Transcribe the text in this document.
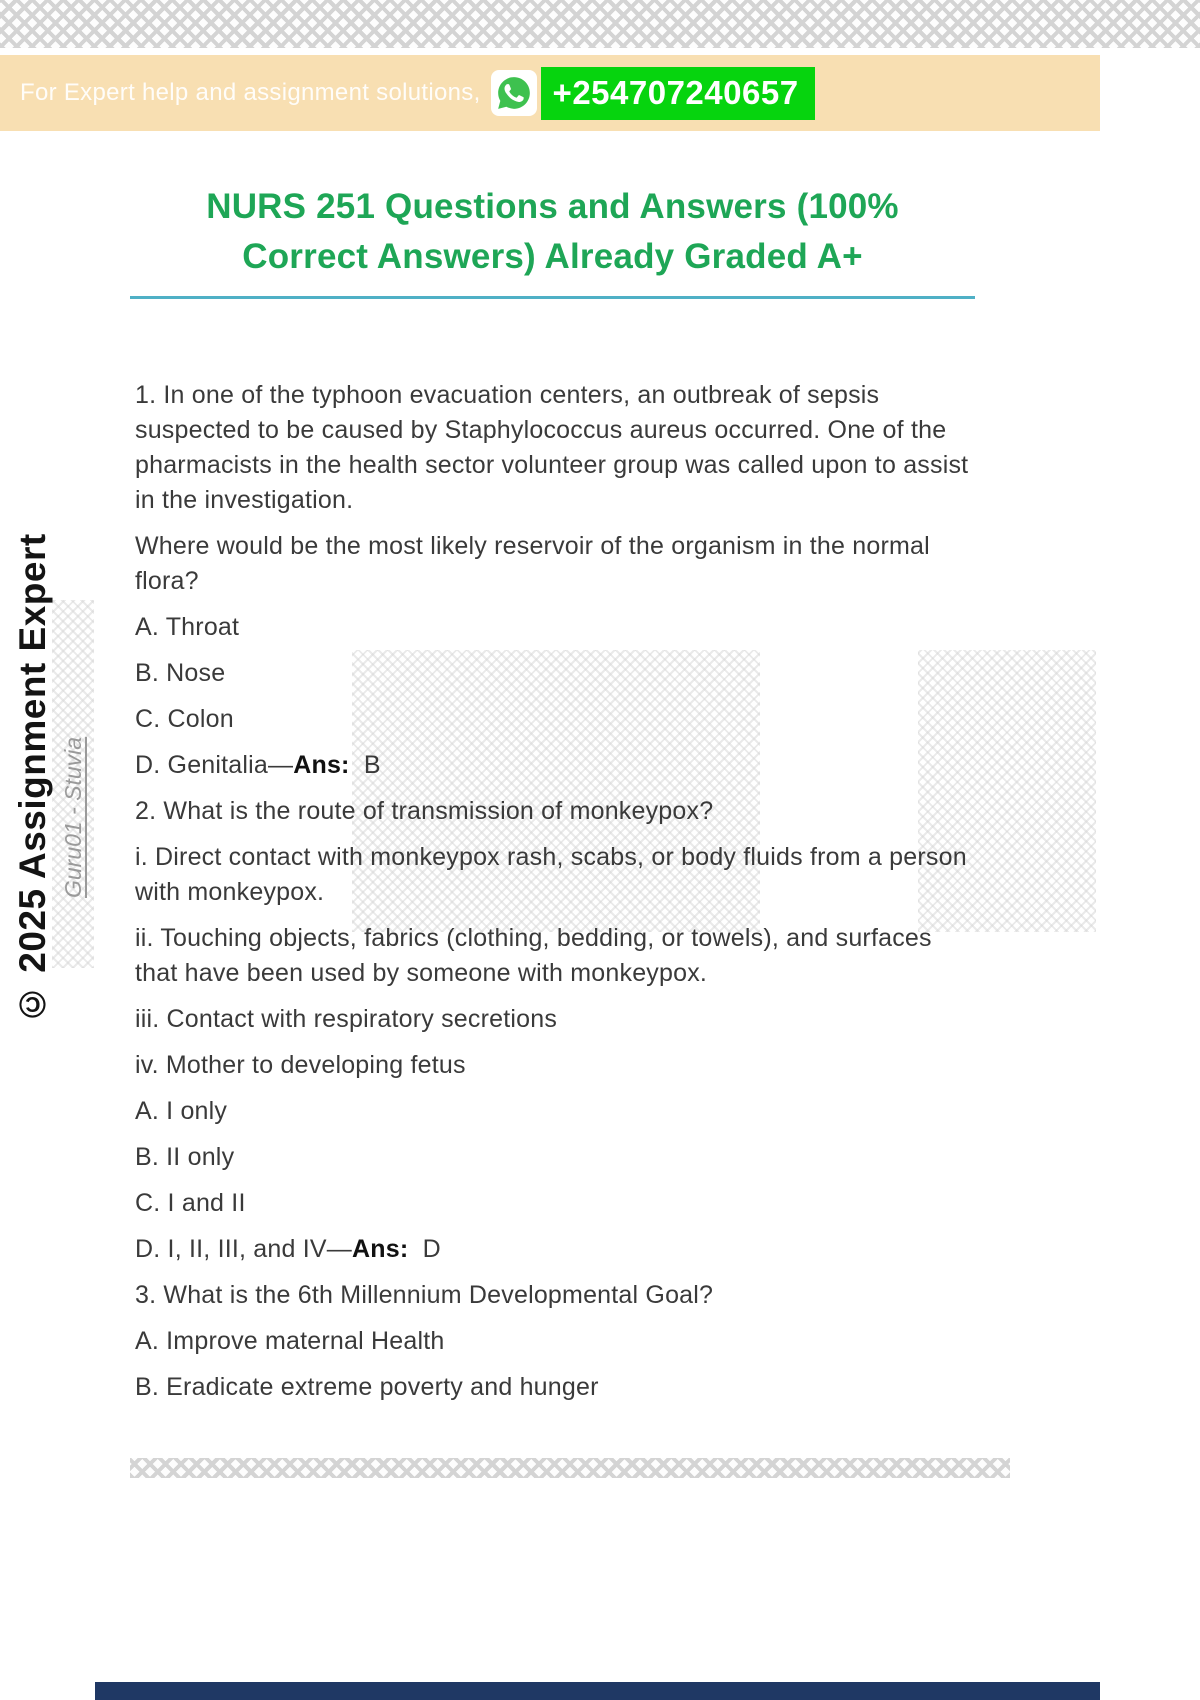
For Expert help and assignment solutions,	+254707240657
NURS 251 Questions and Answers (100% Correct Answers) Already Graded A+
© 2025 Assignment Expert Guru01 - Stuvia

1. In one of the typhoon evacuation centers, an outbreak of sepsis suspected to be caused by Staphylococcus aureus occurred. One of the pharmacists in the health sector volunteer group was called upon to assist in the investigation.

Where would be the most likely reservoir of the organism in the normal flora?

A. Throat

B. Nose

C. Colon

D. Genitalia—Ans:  B

2. What is the route of transmission of monkeypox?

i. Direct contact with monkeypox rash, scabs, or body fluids from a person with monkeypox.

ii. Touching objects, fabrics (clothing, bedding, or towels), and surfaces that have been used by someone with monkeypox.

iii. Contact with respiratory secretions

iv. Mother to developing fetus

A. I only

B. II only

C. I and II

D. I, II, III, and IV—Ans:  D

3. What is the 6th Millennium Developmental Goal?

A. Improve maternal Health

B. Eradicate extreme poverty and hunger
